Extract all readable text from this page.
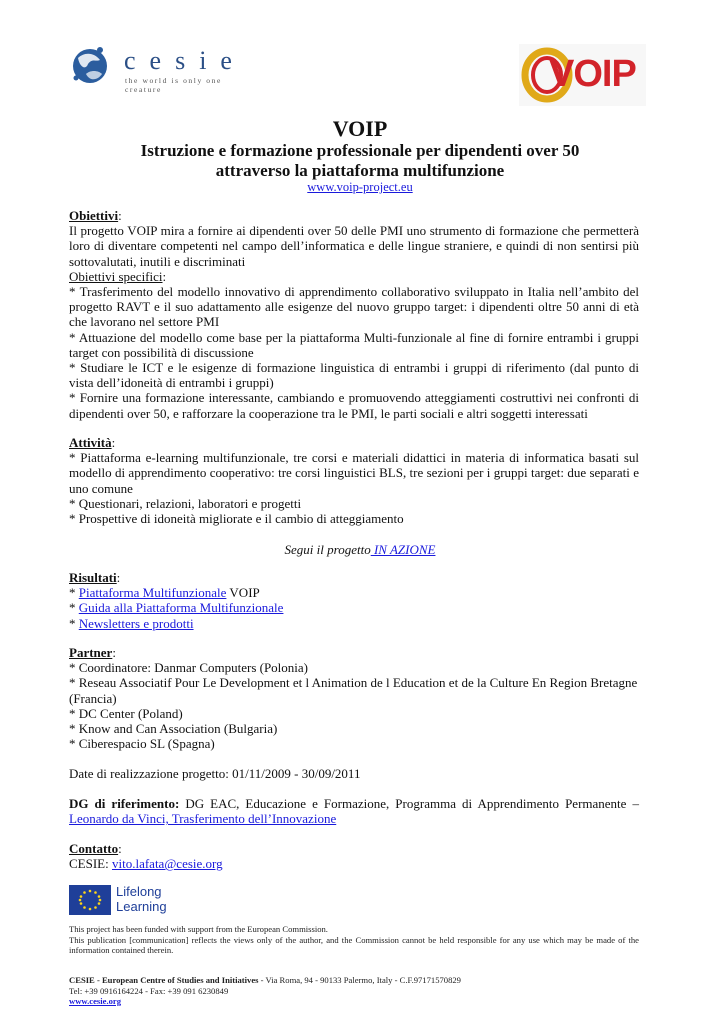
cesie
the world is only one creature	VOIP
VOIP
Istruzione e formazione professionale per dipendenti over 50
attraverso la piattaforma multifunzione
www.voip-project.eu
Obiettivi:

Il progetto VOIP mira a fornire ai dipendenti over 50 delle PMI uno strumento di formazione che permetterà loro di diventare competenti nel campo dell’informatica e delle lingue straniere, e quindi di non sentirsi più sottovalutati, inutili e discriminati

Obiettivi specifici:

* Trasferimento del modello innovativo di apprendimento collaborativo sviluppato in Italia nell’ambito del progetto RAVT e il suo adattamento alle esigenze del nuovo gruppo target: i dipendenti oltre 50 anni di età che lavorano nel settore PMI

* Attuazione del modello come base per la piattaforma Multi-funzionale al fine di fornire entrambi i gruppi target con possibilità di discussione

* Studiare le ICT e le esigenze di formazione linguistica di entrambi i gruppi di riferimento (dal punto di vista dell’idoneità di entrambi i gruppi)

* Fornire una formazione interessante, cambiando e promuovendo atteggiamenti costruttivi nei confronti di dipendenti over 50, e rafforzare la cooperazione tra le PMI, le parti sociali e altri soggetti interessati

Attività:

* Piattaforma e-learning multifunzionale, tre corsi e materiali didattici in materia di informatica basati sul modello di apprendimento cooperativo: tre corsi linguistici BLS, tre sezioni per i gruppi target: due separati e uno comune

* Questionari, relazioni, laboratori e progetti

* Prospettive di idoneità migliorate e il cambio di atteggiamento

Segui il progetto IN AZIONE
Risultati:
* Piattaforma Multifunzionale VOIP
* Guida alla Piattaforma Multifunzionale
* Newsletters e prodotti
Partner:

* Coordinatore: Danmar Computers (Polonia)

* Reseau Associatif Pour Le Development et l Animation de l Education et de la Culture En Region Bretagne (Francia)

* DC Center (Poland)

* Know and Can Association (Bulgaria)

* Ciberespacio SL (Spagna)

Date di realizzazione progetto: 01/11/2009 - 30/09/2011

DG di riferimento: DG EAC, Educazione e Formazione, Programma di Apprendimento Permanente – Leonardo da Vinci, Trasferimento dell’Innovazione

Contatto:
CESIE: vito.lafata@cesie.org
Lifelong
Learning
This project has been funded with support from the European Commission.
This publication [communication] reflects the views only of the author, and the Commission cannot be held responsible for any use which may be made of the information contained therein.
CESIE - European Centre of Studies and Initiatives - Via Roma, 94 - 90133 Palermo, Italy - C.F.97171570829
Tel: +39 0916164224 - Fax: +39 091 6230849
www.cesie.org
